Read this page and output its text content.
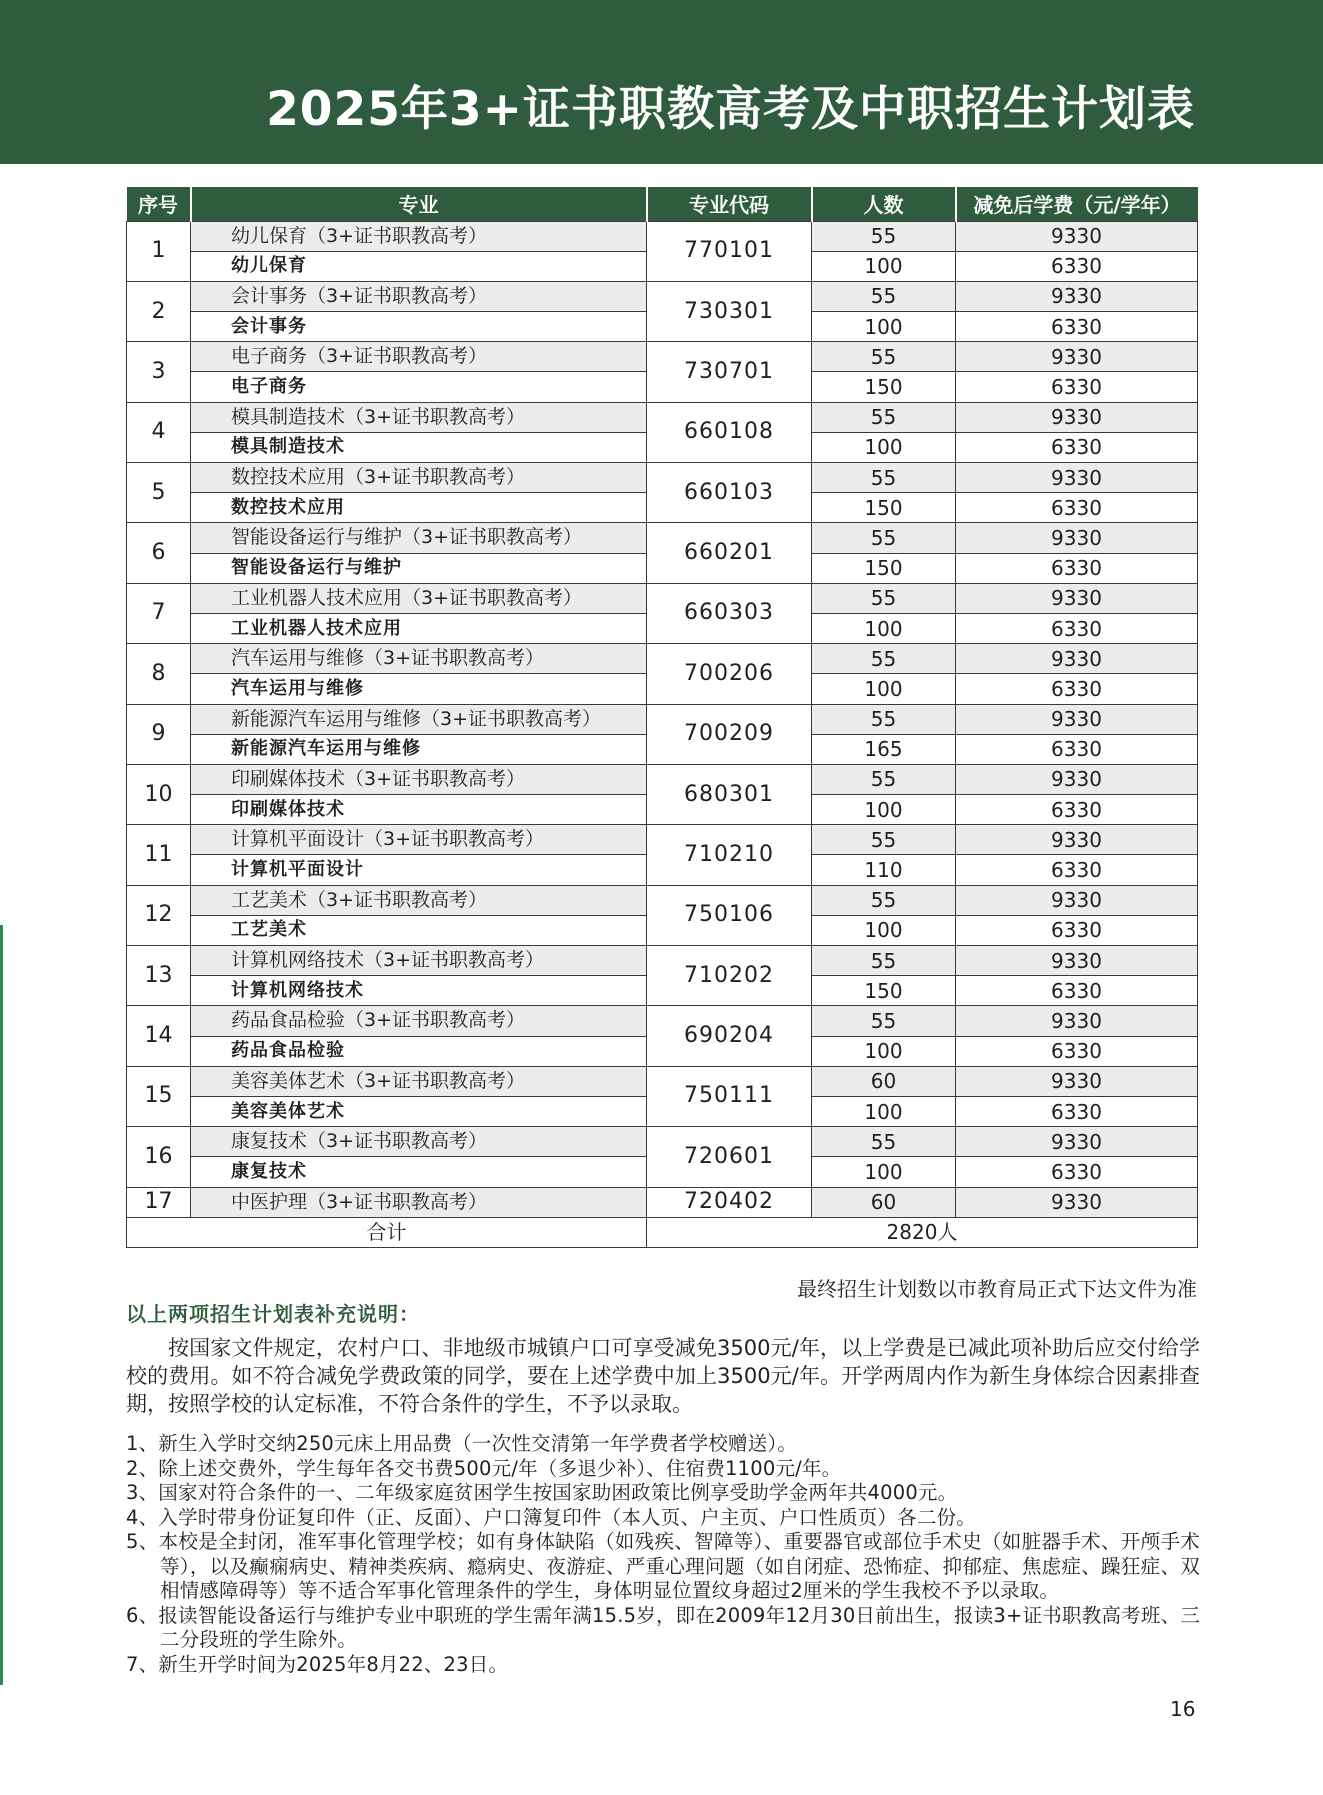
2025年3+证书职教高考及中职招生计划表
序号	专业	专业代码	人数	减免后学费（元/学年）
1	幼儿保育（3+证书职教高考）	770101	55	9330
	幼儿保育		100	6330
2	会计事务（3+证书职教高考）	730301	55	9330
	会计事务		100	6330
3	电子商务（3+证书职教高考）	730701	55	9330
	电子商务		150	6330
4	模具制造技术（3+证书职教高考）	660108	55	9330
	模具制造技术		100	6330
5	数控技术应用（3+证书职教高考）	660103	55	9330
	数控技术应用		150	6330
6	智能设备运行与维护（3+证书职教高考）	660201	55	9330
	智能设备运行与维护		150	6330
7	工业机器人技术应用（3+证书职教高考）	660303	55	9330
	工业机器人技术应用		100	6330
8	汽车运用与维修（3+证书职教高考）	700206	55	9330
	汽车运用与维修		100	6330
9	新能源汽车运用与维修（3+证书职教高考）	700209	55	9330
	新能源汽车运用与维修		165	6330
10	印刷媒体技术（3+证书职教高考）	680301	55	9330
	印刷媒体技术		100	6330
11	计算机平面设计（3+证书职教高考）	710210	55	9330
	计算机平面设计		110	6330
12	工艺美术（3+证书职教高考）	750106	55	9330
	工艺美术		100	6330
13	计算机网络技术（3+证书职教高考）	710202	55	9330
	计算机网络技术		150	6330
14	药品食品检验（3+证书职教高考）	690204	55	9330
	药品食品检验		100	6330
15	美容美体艺术（3+证书职教高考）	750111	60	9330
	美容美体艺术		100	6330
16	康复技术（3+证书职教高考）	720601	55	9330
	康复技术		100	6330
17	中医护理（3+证书职教高考）	720402	60	9330
合计		2820人		
最终招生计划数以市教育局正式下达文件为准
以上两项招生计划表补充说明：

按国家文件规定，农村户口、非地级市城镇户口可享受减免3500元/年，以上学费是已减此项补助后应交付给学校的费用。如不符合减免学费政策的同学，要在上述学费中加上3500元/年。开学两周内作为新生身体综合因素排查期，按照学校的认定标准，不符合条件的学生，不予以录取。

1、新生入学时交纳250元床上用品费（一次性交清第一年学费者学校赠送）。
2、除上述交费外，学生每年各交书费500元/年（多退少补）、住宿费1100元/年。
3、国家对符合条件的一、二年级家庭贫困学生按国家助困政策比例享受助学金两年共4000元。
4、入学时带身份证复印件（正、反面）、户口簿复印件（本人页、户主页、户口性质页）各二份。
5、本校是全封闭，准军事化管理学校；如有身体缺陷（如残疾、智障等）、重要器官或部位手术史（如脏器手术、开颅手术等），以及癫痫病史、精神类疾病、瘾病史、夜游症、严重心理问题（如自闭症、恐怖症、抑郁症、焦虑症、躁狂症、双相情感障碍等）等不适合军事化管理条件的学生，身体明显位置纹身超过2厘米的学生我校不予以录取。
6、报读智能设备运行与维护专业中职班的学生需年满15.5岁，即在2009年12月30日前出生，报读3+证书职教高考班、三二分段班的学生除外。
7、新生开学时间为2025年8月22、23日。
16
